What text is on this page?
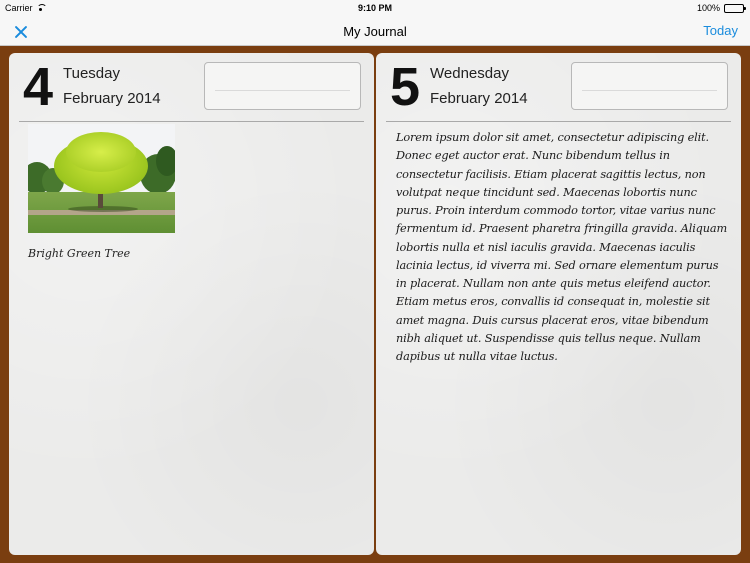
Carrier	9:10 PM	100%
My Journal	Today
4 Tuesday
February 2014
Bright Green Tree
5 Wednesday
February 2014
Lorem ipsum dolor sit amet, consectetur adipiscing elit. Donec eget auctor erat. Nunc bibendum tellus in consectetur facilisis. Etiam placerat sagittis lectus, non volutpat neque tincidunt sed. Maecenas lobortis nunc purus. Proin interdum commodo tortor, vitae varius nunc fermentum id. Praesent pharetra fringilla gravida. Aliquam lobortis nulla et nisl iaculis gravida. Maecenas iaculis lacinia lectus, id viverra mi. Sed ornare elementum purus in placerat. Nullam non ante quis metus eleifend auctor. Etiam metus eros, convallis id consequat in, molestie sit amet magna. Duis cursus placerat eros, vitae bibendum nibh aliquet ut. Suspendisse quis tellus neque. Nullam dapibus ut nulla vitae luctus.
